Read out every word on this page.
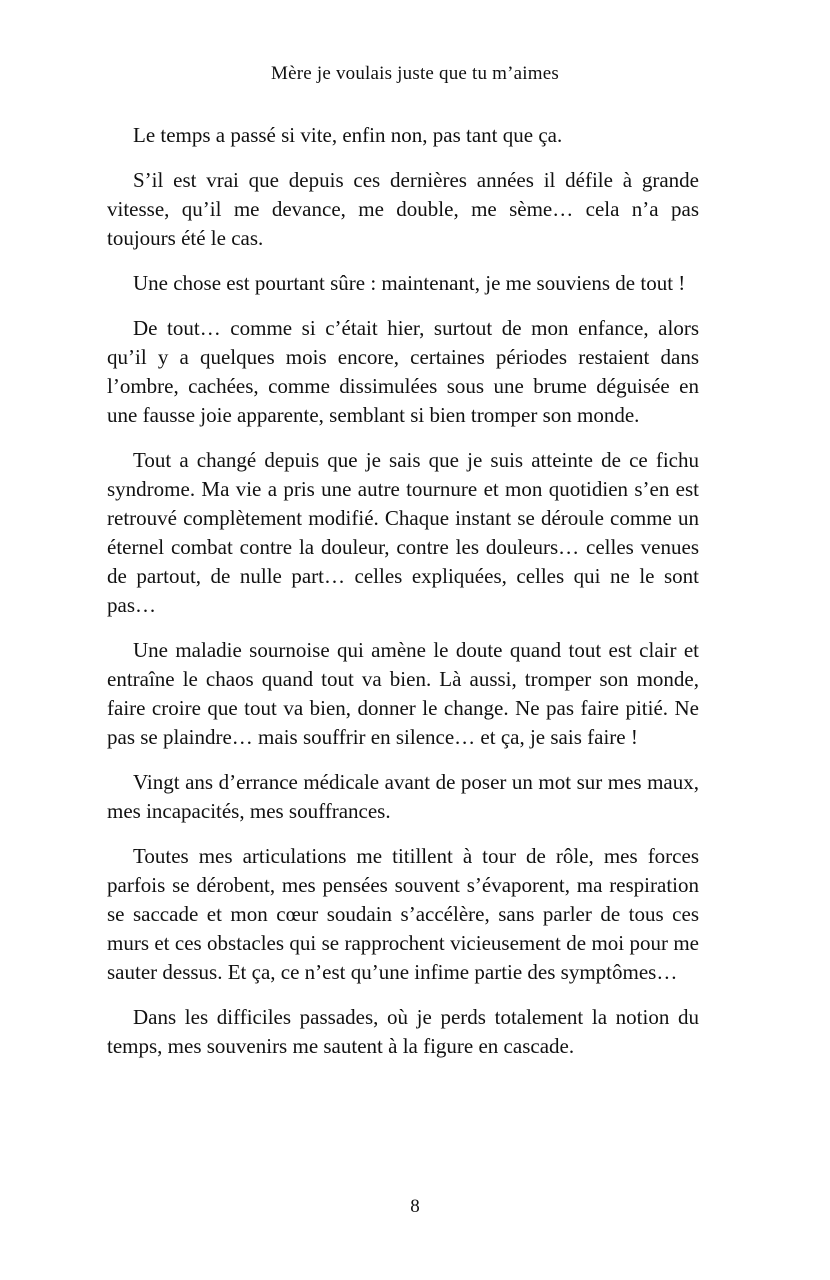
Mère je voulais juste que tu m’aimes

Le temps a passé si vite, enfin non, pas tant que ça.

S’il est vrai que depuis ces dernières années il défile à grande vitesse, qu’il me devance, me double, me sème… cela n’a pas toujours été le cas.

Une chose est pourtant sûre : maintenant, je me souviens de tout !

De tout… comme si c’était hier, surtout de mon enfance, alors qu’il y a quelques mois encore, certaines périodes restaient dans l’ombre, cachées, comme dissimulées sous une brume déguisée en une fausse joie apparente, semblant si bien tromper son monde.

Tout a changé depuis que je sais que je suis atteinte de ce fichu syndrome. Ma vie a pris une autre tournure et mon quotidien s’en est retrouvé complètement modifié. Chaque instant se déroule comme un éternel combat contre la douleur, contre les douleurs… celles venues de partout, de nulle part… celles expliquées, celles qui ne le sont pas…

Une maladie sournoise qui amène le doute quand tout est clair et entraîne le chaos quand tout va bien. Là aussi, tromper son monde, faire croire que tout va bien, donner le change. Ne pas faire pitié. Ne pas se plaindre… mais souffrir en silence… et ça, je sais faire !

Vingt ans d’errance médicale avant de poser un mot sur mes maux, mes incapacités, mes souffrances.

Toutes mes articulations me titillent à tour de rôle, mes forces parfois se dérobent, mes pensées souvent s’évaporent, ma respiration se saccade et mon cœur soudain s’accélère, sans parler de tous ces murs et ces obstacles qui se rapprochent vicieusement de moi pour me sauter dessus. Et ça, ce n’est qu’une infime partie des symptômes…

Dans les difficiles passades, où je perds totalement la notion du temps, mes souvenirs me sautent à la figure en cascade.

8
